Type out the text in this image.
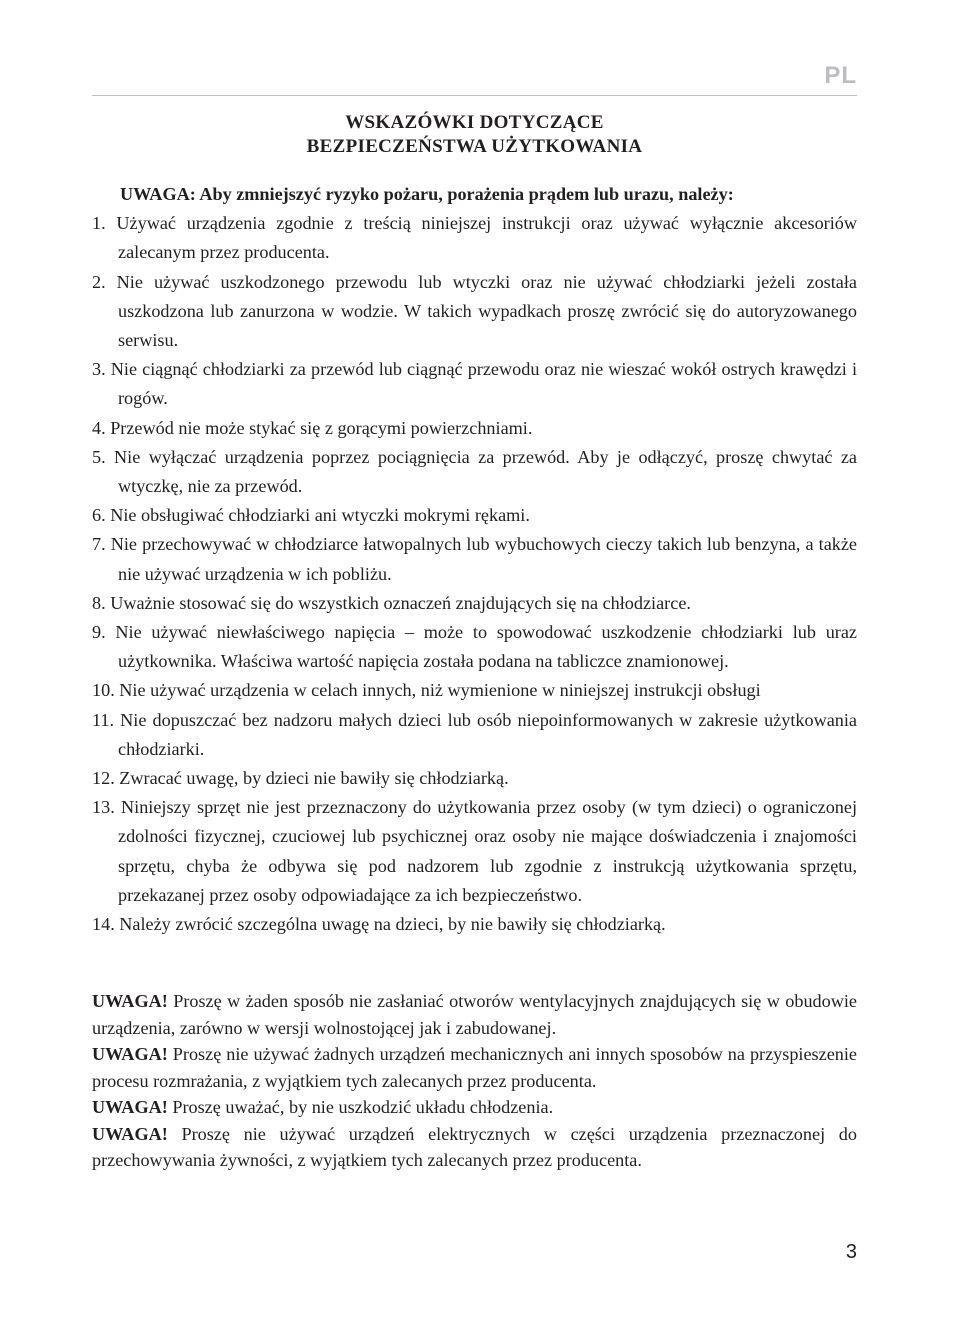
PL
WSKAZÓWKI DOTYCZĄCE
BEZPIECZEŃSTWA UŻYTKOWANIA
UWAGA: Aby zmniejszyć ryzyko pożaru, porażenia prądem lub urazu, należy:
1. Używać urządzenia zgodnie z treścią niniejszej instrukcji oraz używać wyłącznie akcesoriów zalecanym przez producenta.
2. Nie używać uszkodzonego przewodu lub wtyczki oraz nie używać chłodziarki jeżeli została uszkodzona lub zanurzona w wodzie. W takich wypadkach proszę zwrócić się do autoryzowanego serwisu.
3. Nie ciągnąć chłodziarki za przewód lub ciągnąć przewodu oraz nie wieszać wokół ostrych krawędzi i rogów.
4. Przewód nie może stykać się z gorącymi powierzchniami.
5. Nie wyłączać urządzenia poprzez pociągnięcia za przewód. Aby je odłączyć, proszę chwytać za wtyczkę, nie za przewód.
6. Nie obsługiwać chłodziarki ani wtyczki mokrymi rękami.
7. Nie przechowywać w chłodziarce łatwopalnych lub wybuchowych cieczy takich lub benzyna, a także nie używać urządzenia w ich pobliżu.
8. Uważnie stosować się do wszystkich oznaczeń znajdujących się na chłodziarce.
9. Nie używać niewłaściwego napięcia – może to spowodować uszkodzenie chłodziarki lub uraz użytkownika. Właściwa wartość napięcia została podana na tabliczce znamionowej.
10. Nie używać urządzenia w celach innych, niż wymienione w niniejszej instrukcji obsługi
11. Nie dopuszczać bez nadzoru małych dzieci lub osób niepoinformowanych w zakresie użytkowania chłodziarki.
12. Zwracać uwagę, by dzieci nie bawiły się chłodziarką.
13. Niniejszy sprzęt nie jest przeznaczony do użytkowania przez osoby (w tym dzieci) o ograniczonej zdolności fizycznej, czuciowej lub psychicznej oraz osoby nie mające doświadczenia i znajomości sprzętu, chyba że odbywa się pod nadzorem lub zgodnie z instrukcją użytkowania sprzętu, przekazanej przez osoby odpowiadające za ich bezpieczeństwo.
14. Należy zwrócić szczególna uwagę na dzieci, by nie bawiły się chłodziarką.
UWAGA! Proszę w żaden sposób nie zasłaniać otworów wentylacyjnych znajdujących się w obudowie urządzenia, zarówno w wersji wolnostojącej jak i zabudowanej.
UWAGA! Proszę nie używać żadnych urządzeń mechanicznych ani innych sposobów na przyspieszenie procesu rozmrażania, z wyjątkiem tych zalecanych przez producenta.
UWAGA! Proszę uważać, by nie uszkodzić układu chłodzenia.
UWAGA! Proszę nie używać urządzeń elektrycznych w części urządzenia przeznaczonej do przechowywania żywności, z wyjątkiem tych zalecanych przez producenta.
3
